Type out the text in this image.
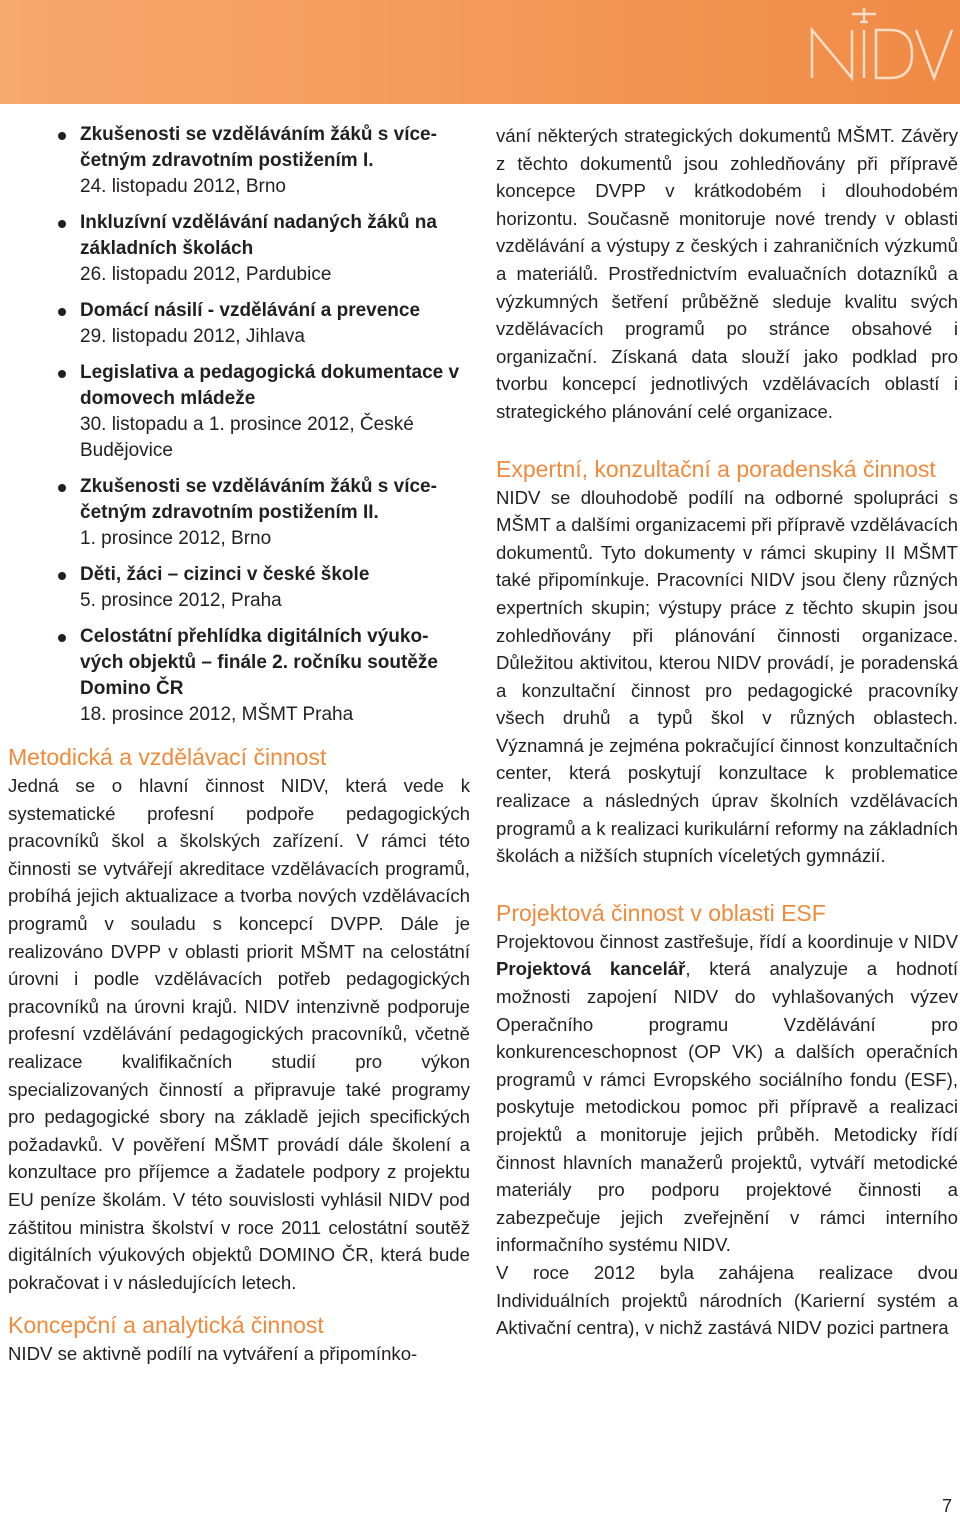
Zkušenosti se vzděláváním žáků s více-četným zdravotním postižením I.
24. listopadu 2012, Brno
Inkluzívní vzdělávání nadaných žáků na základních školách
26. listopadu 2012, Pardubice
Domácí násilí - vzdělávání a prevence
29. listopadu 2012, Jihlava
Legislativa a pedagogická dokumentace v domovech mládeže
30. listopadu a 1. prosince 2012, České Budějovice
Zkušenosti se vzděláváním žáků s více-četným zdravotním postižením II.
1. prosince 2012, Brno
Děti, žáci – cizinci v české škole
5. prosince 2012, Praha
Celostátní přehlídka digitálních výuko-vých objektů – finále 2. ročníku soutěže Domino ČR
18. prosince 2012, MŠMT Praha
Metodická a vzdělávací činnost

Jedná se o hlavní činnost NIDV, která vede k systematické profesní podpoře pedagogických pracovníků škol a školských zařízení. V rámci této činnosti se vytvářejí akreditace vzdělávacích programů, probíhá jejich aktualizace a tvorba nových vzdělávacích programů v souladu s koncepcí DVPP. Dále je realizováno DVPP v oblasti priorit MŠMT na celostátní úrovni i podle vzdělávacích potřeb pedagogických pracovníků na úrovni krajů. NIDV intenzivně podporuje profesní vzdělávání pedagogických pracovníků, včetně realizace kvalifikačních studií pro výkon specializovaných činností a připravuje také programy pro pedagogické sbory na základě jejich specifických požadavků. V pověření MŠMT provádí dále školení a konzultace pro příjemce a žadatele podpory z projektu EU peníze školám. V této souvislosti vyhlásil NIDV pod záštitou ministra školství v roce 2011 celostátní soutěž digitálních výukových objektů DOMINO ČR, která bude pokračovat i v následujících letech.

Koncepční a analytická činnost

NIDV se aktivně podílí na vytváření a připomínko-

vání některých strategických dokumentů MŠMT. Závěry z těchto dokumentů jsou zohledňovány při přípravě koncepce DVPP v krátkodobém i dlouhodobém horizontu. Současně monitoruje nové trendy v oblasti vzdělávání a výstupy z českých i zahraničních výzkumů a materiálů. Prostřednictvím evaluačních dotazníků a výzkumných šetření průběžně sleduje kvalitu svých vzdělávacích programů po stránce obsahové i organizační. Získaná data slouží jako podklad pro tvorbu koncepcí jednotlivých vzdělávacích oblastí i strategického plánování celé organizace.

Expertní, konzultační a poradenská činnost

NIDV se dlouhodobě podílí na odborné spolupráci s MŠMT a dalšími organizacemi při přípravě vzdělávacích dokumentů. Tyto dokumenty v rámci skupiny II MŠMT také připomínkuje. Pracovníci NIDV jsou členy různých expertních skupin; výstupy práce z těchto skupin jsou zohledňovány při plánování činnosti organizace. Důležitou aktivitou, kterou NIDV provádí, je poradenská a konzultační činnost pro pedagogické pracovníky všech druhů a typů škol v různých oblastech. Významná je zejména pokračující činnost konzultačních center, která poskytují konzultace k problematice realizace a následných úprav školních vzdělávacích programů a k realizaci kurikulární reformy na základních školách a nižších stupních víceletých gymnázií.

Projektová činnost v oblasti ESF

Projektovou činnost zastřešuje, řídí a koordinuje v NIDV Projektová kancelář, která analyzuje a hodnotí možnosti zapojení NIDV do vyhlašovaných výzev Operačního programu Vzdělávání pro konkurenceschopnost (OP VK) a dalších operačních programů v rámci Evropského sociálního fondu (ESF), poskytuje metodickou pomoc při přípravě a realizaci projektů a monitoruje jejich průběh. Metodicky řídí činnost hlavních manažerů projektů, vytváří metodické materiály pro podporu projektové činnosti a zabezpečuje jejich zveřejnění v rámci interního informačního systému NIDV.

V roce 2012 byla zahájena realizace dvou Individuálních projektů národních (Karierní systém a Aktivační centra), v nichž zastává NIDV pozici partnera

7
